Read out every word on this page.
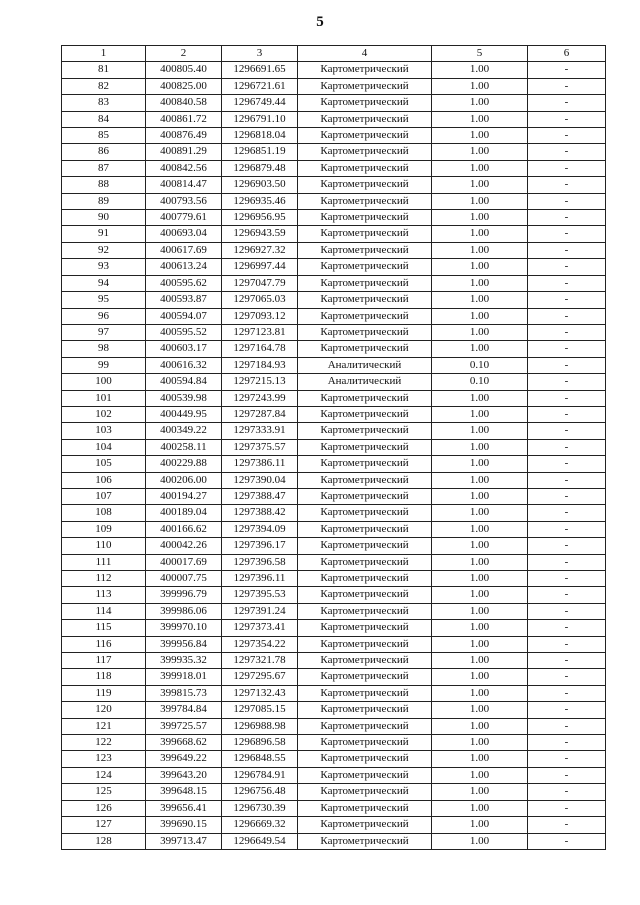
5
1	2	3	4	5	6
81	400805.40	1296691.65	Картометрический	1.00	-
82	400825.00	1296721.61	Картометрический	1.00	-
83	400840.58	1296749.44	Картометрический	1.00	-
84	400861.72	1296791.10	Картометрический	1.00	-
85	400876.49	1296818.04	Картометрический	1.00	-
86	400891.29	1296851.19	Картометрический	1.00	-
87	400842.56	1296879.48	Картометрический	1.00	-
88	400814.47	1296903.50	Картометрический	1.00	-
89	400793.56	1296935.46	Картометрический	1.00	-
90	400779.61	1296956.95	Картометрический	1.00	-
91	400693.04	1296943.59	Картометрический	1.00	-
92	400617.69	1296927.32	Картометрический	1.00	-
93	400613.24	1296997.44	Картометрический	1.00	-
94	400595.62	1297047.79	Картометрический	1.00	-
95	400593.87	1297065.03	Картометрический	1.00	-
96	400594.07	1297093.12	Картометрический	1.00	-
97	400595.52	1297123.81	Картометрический	1.00	-
98	400603.17	1297164.78	Картометрический	1.00	-
99	400616.32	1297184.93	Аналитический	0.10	-
100	400594.84	1297215.13	Аналитический	0.10	-
101	400539.98	1297243.99	Картометрический	1.00	-
102	400449.95	1297287.84	Картометрический	1.00	-
103	400349.22	1297333.91	Картометрический	1.00	-
104	400258.11	1297375.57	Картометрический	1.00	-
105	400229.88	1297386.11	Картометрический	1.00	-
106	400206.00	1297390.04	Картометрический	1.00	-
107	400194.27	1297388.47	Картометрический	1.00	-
108	400189.04	1297388.42	Картометрический	1.00	-
109	400166.62	1297394.09	Картометрический	1.00	-
110	400042.26	1297396.17	Картометрический	1.00	-
111	400017.69	1297396.58	Картометрический	1.00	-
112	400007.75	1297396.11	Картометрический	1.00	-
113	399996.79	1297395.53	Картометрический	1.00	-
114	399986.06	1297391.24	Картометрический	1.00	-
115	399970.10	1297373.41	Картометрический	1.00	-
116	399956.84	1297354.22	Картометрический	1.00	-
117	399935.32	1297321.78	Картометрический	1.00	-
118	399918.01	1297295.67	Картометрический	1.00	-
119	399815.73	1297132.43	Картометрический	1.00	-
120	399784.84	1297085.15	Картометрический	1.00	-
121	399725.57	1296988.98	Картометрический	1.00	-
122	399668.62	1296896.58	Картометрический	1.00	-
123	399649.22	1296848.55	Картометрический	1.00	-
124	399643.20	1296784.91	Картометрический	1.00	-
125	399648.15	1296756.48	Картометрический	1.00	-
126	399656.41	1296730.39	Картометрический	1.00	-
127	399690.15	1296669.32	Картометрический	1.00	-
128	399713.47	1296649.54	Картометрический	1.00	-
